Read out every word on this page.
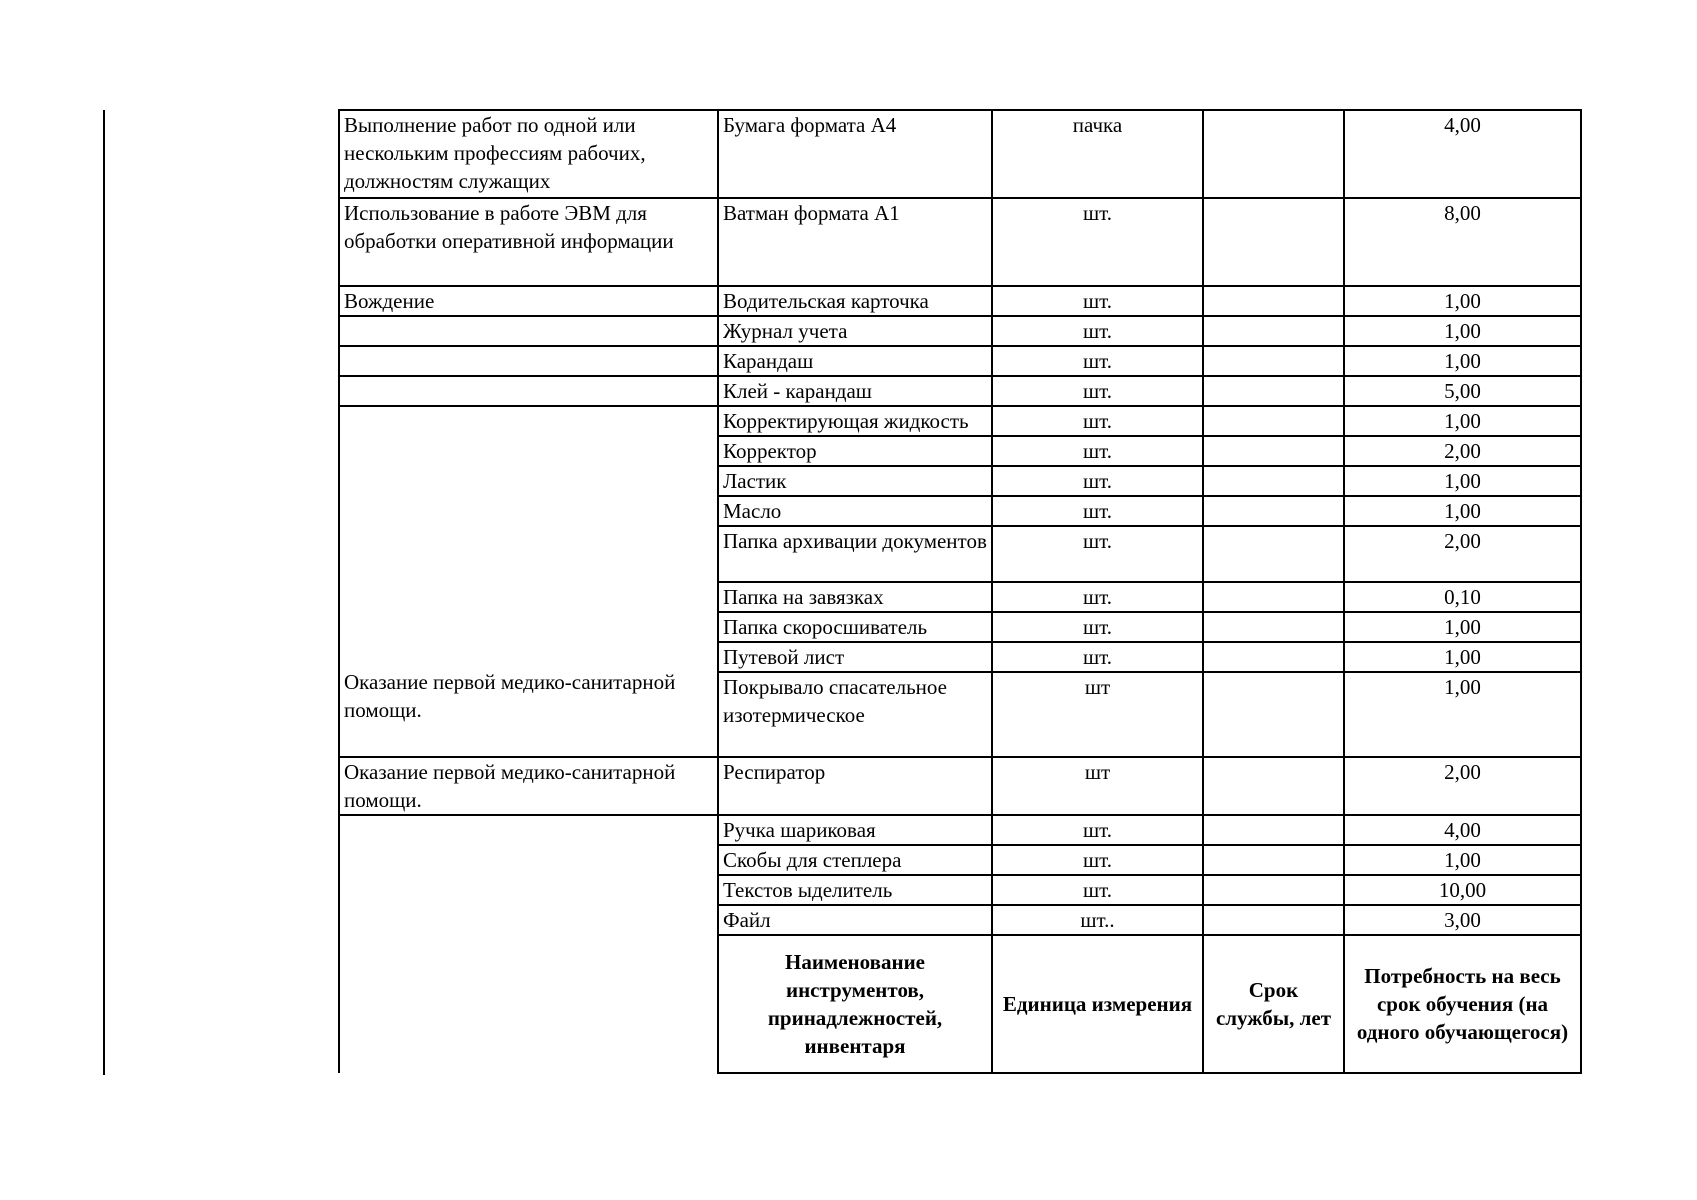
Выполнение работ по одной или нескольким профессиям рабочих, должностям служащих	Бумага формата А4	пачка		4,00
Использование в работе ЭВМ для обработки оперативной информации	Ватман формата А1	шт.		8,00
Вождение	Водительская карточка	шт.		1,00
	Журнал учета	шт.		1,00
	Карандаш	шт.		1,00
	Клей - карандаш	шт.		5,00
Оказание первой медико-санитарной помощи.	Корректирующая жидкость	шт.		1,00
	Корректор	шт.		2,00
	Ластик	шт.		1,00
	Масло	шт.		1,00
	Папка архивации документов	шт.		2,00
	Папка на завязках	шт.		0,10
	Папка скоросшиватель	шт.		1,00
	Путевой лист	шт.		1,00
	Покрывало спасательное изотермическое	шт		1,00
Оказание первой медико-санитарной помощи.	Респиратор	шт		2,00
	Ручка шариковая	шт.		4,00
	Скобы для степлера	шт.		1,00
	Текстов ыделитель	шт.		10,00
	Файл	шт..		3,00
	Наименование инструментов, принадлежностей, инвентаря	Единица измерения	Срок службы, лет	Потребность на весь срок обучения (на одного обучающегося)
